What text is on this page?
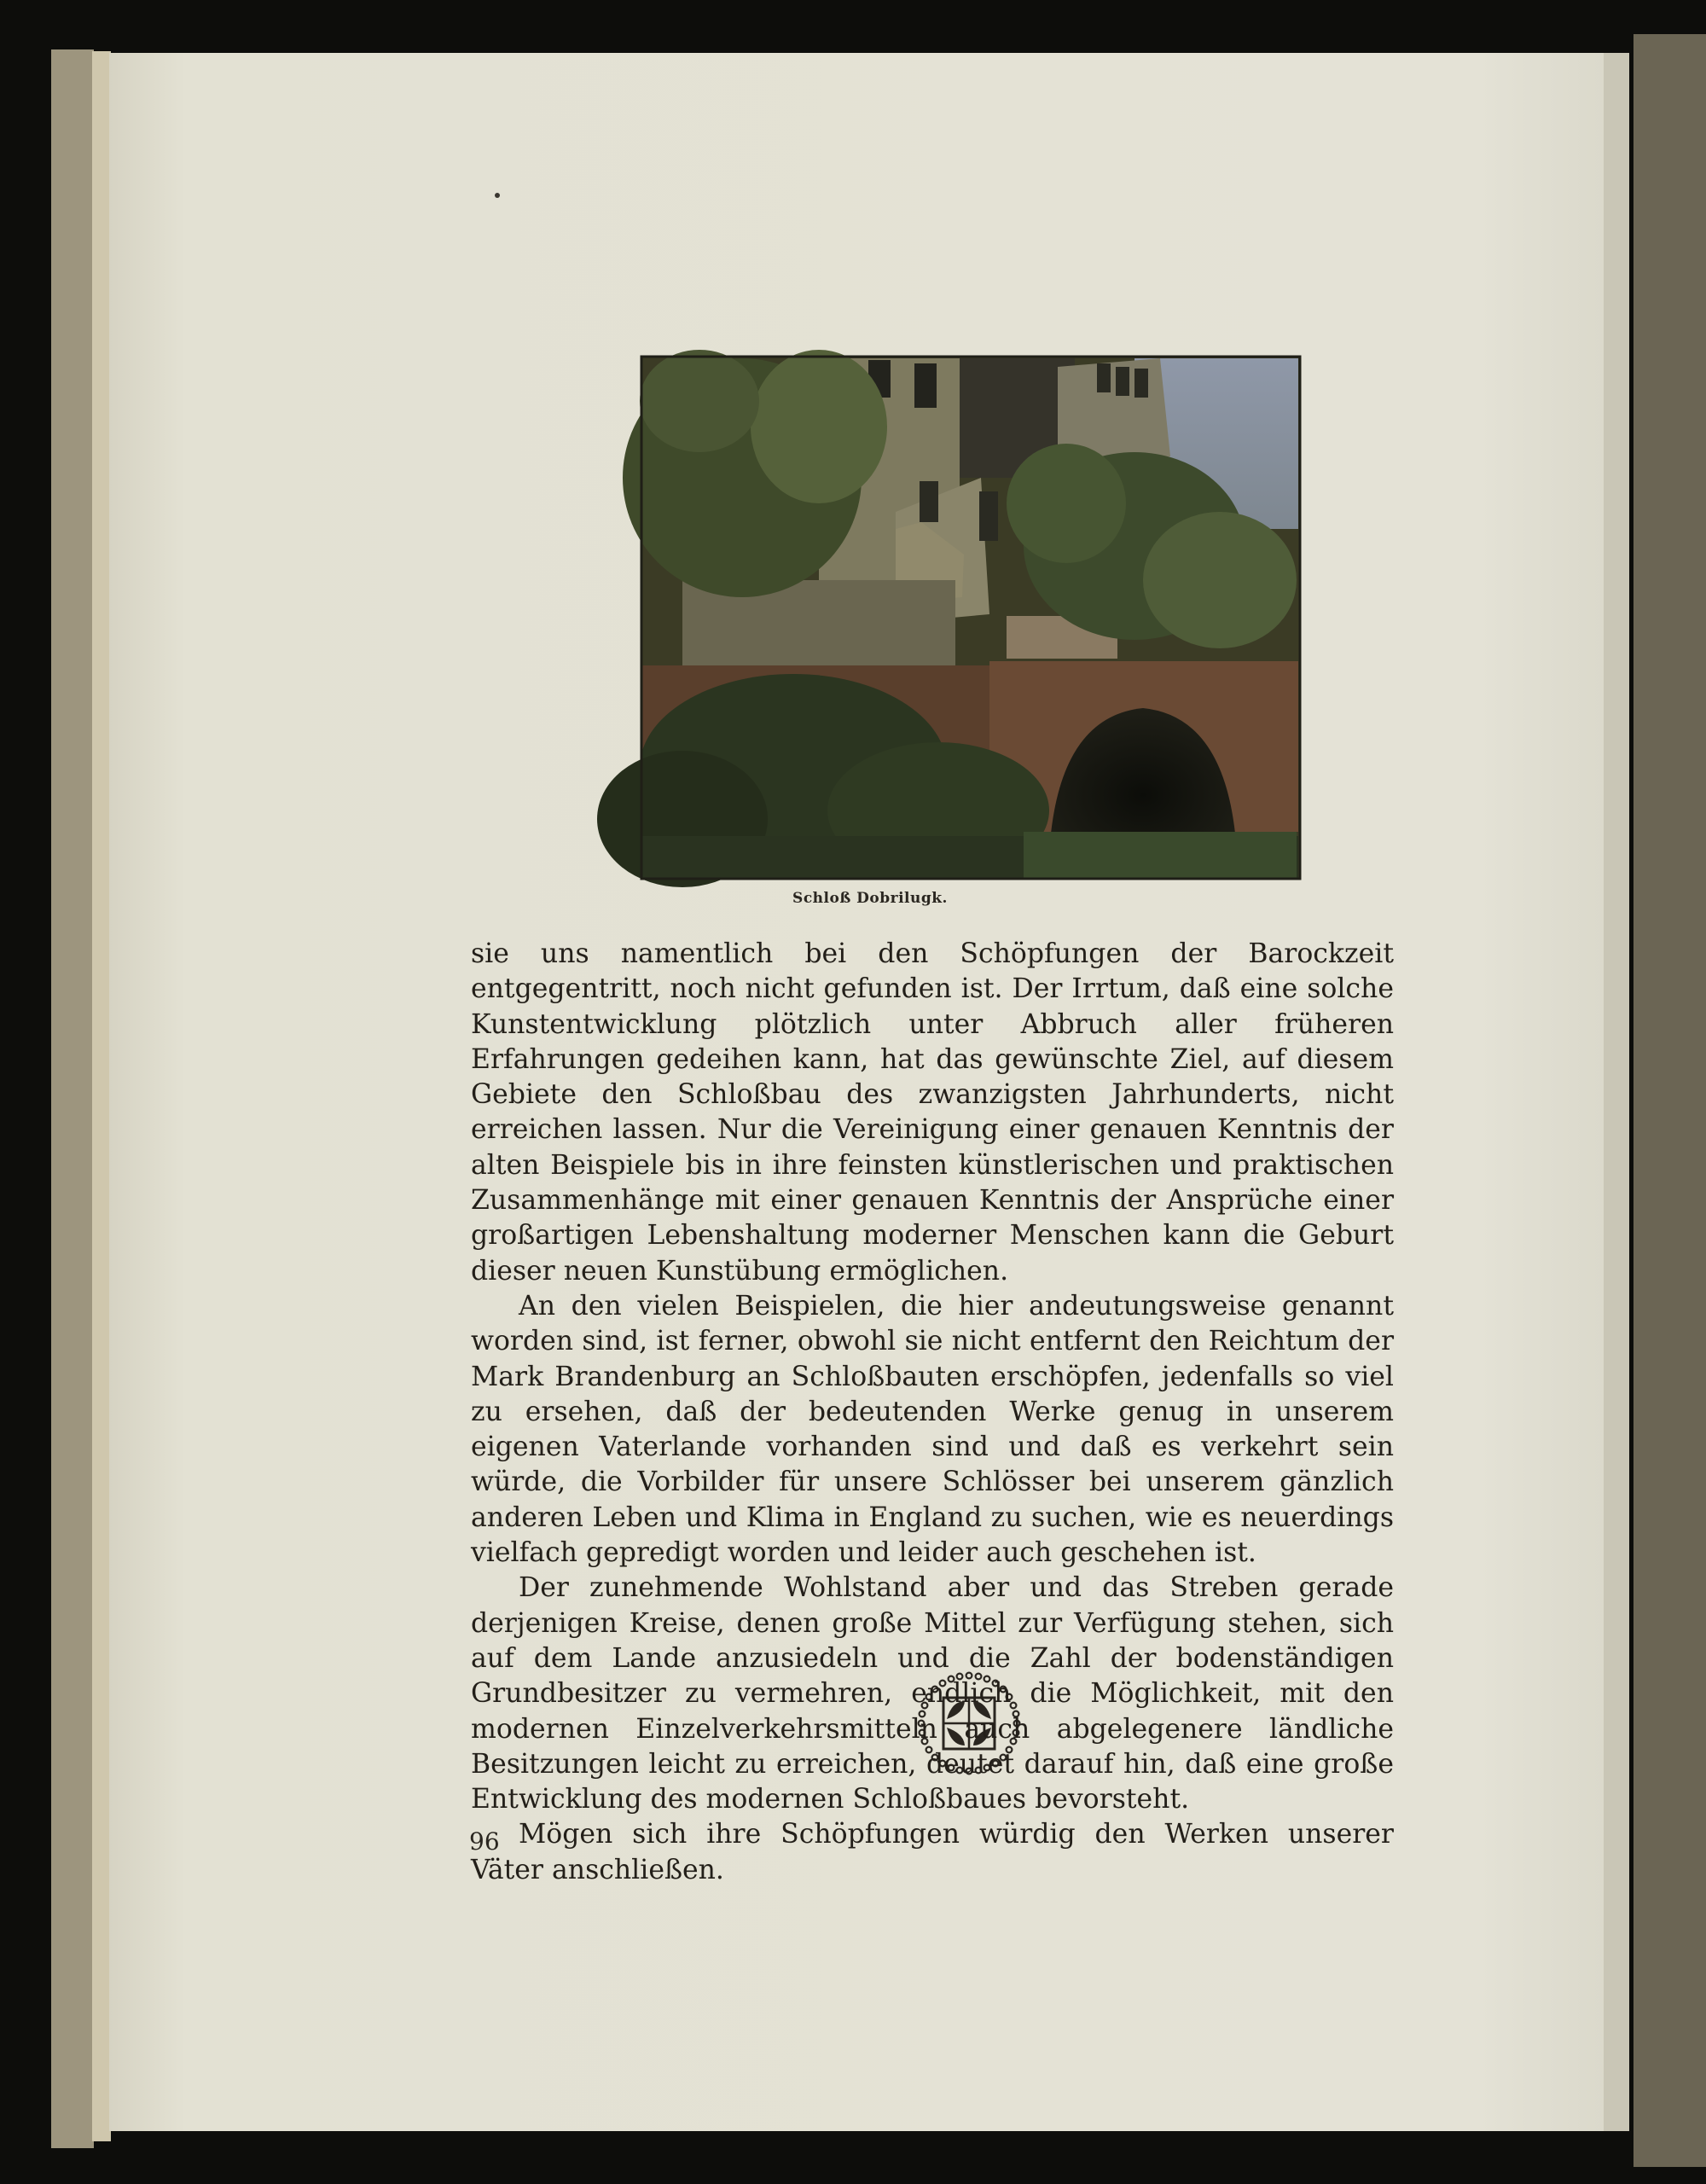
Schloß Dobrilugk.

sie uns namentlich bei den Schöpfungen der Barockzeit entgegentritt, noch nicht gefunden ist. Der Irrtum, daß eine solche Kunstentwicklung plötzlich unter Abbruch aller früheren Erfahrungen gedeihen kann, hat das gewünschte Ziel, auf diesem Gebiete den Schloßbau des zwanzigsten Jahrhunderts, nicht erreichen lassen. Nur die Vereinigung einer genauen Kenntnis der alten Beispiele bis in ihre feinsten künstlerischen und praktischen Zusammenhänge mit einer genauen Kenntnis der Ansprüche einer großartigen Lebenshaltung moderner Menschen kann die Geburt dieser neuen Kunstübung ermöglichen.

An den vielen Beispielen, die hier andeutungsweise genannt worden sind, ist ferner, obwohl sie nicht entfernt den Reichtum der Mark Brandenburg an Schloßbauten erschöpfen, jedenfalls so viel zu ersehen, daß der bedeutenden Werke genug in unserem eigenen Vaterlande vorhanden sind und daß es verkehrt sein würde, die Vorbilder für unsere Schlösser bei unserem gänzlich anderen Leben und Klima in England zu suchen, wie es neuerdings vielfach gepredigt worden und leider auch geschehen ist.

Der zunehmende Wohlstand aber und das Streben gerade derjenigen Kreise, denen große Mittel zur Verfügung stehen, sich auf dem Lande anzusiedeln und die Zahl der bodenständigen Grundbesitzer zu vermehren, endlich die Möglichkeit, mit den modernen Einzelverkehrsmitteln auch abgelegenere ländliche Besitzungen leicht zu erreichen, deutet darauf hin, daß eine große Entwicklung des modernen Schloßbaues bevorsteht.

Mögen sich ihre Schöpfungen würdig den Werken unserer Väter anschließen.

96
